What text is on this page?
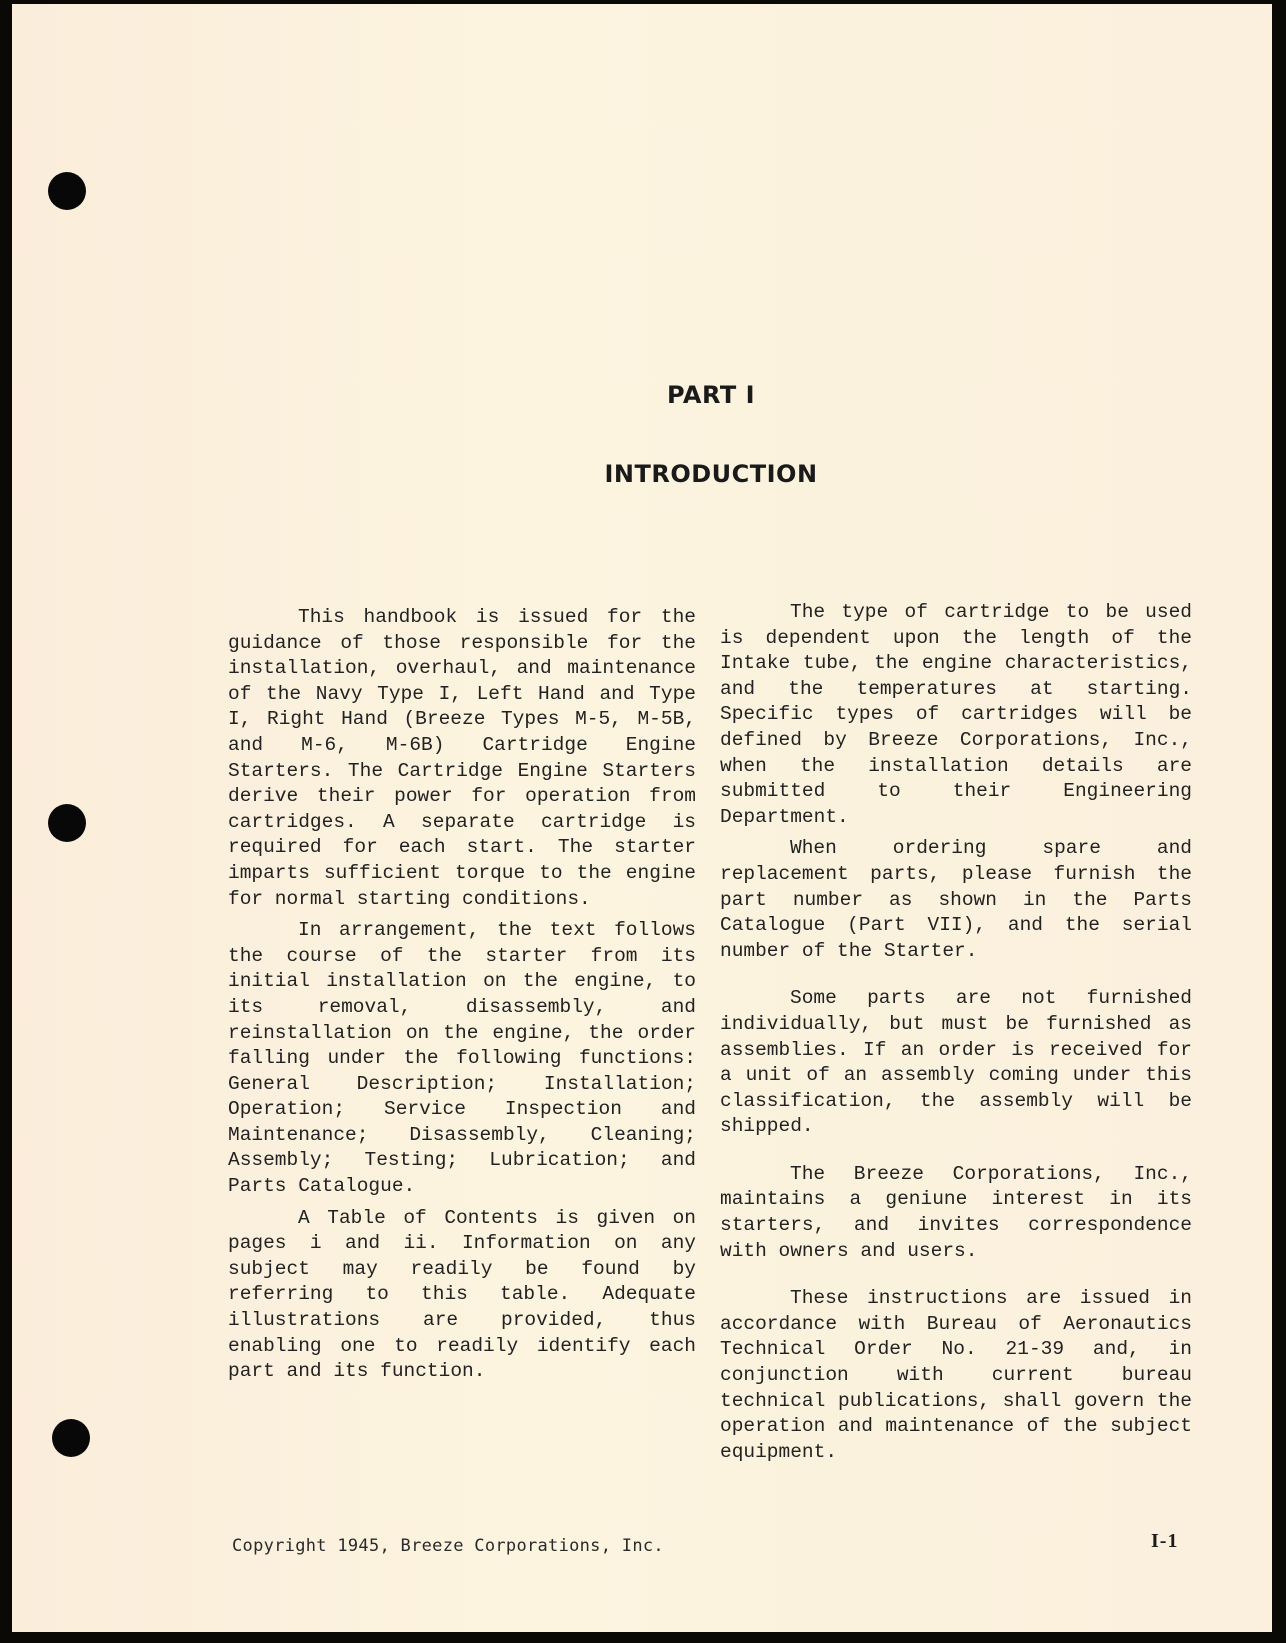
PART I
INTRODUCTION

This handbook is issued for the guidance of those responsible for the installation, overhaul, and maintenance of the Navy Type I, Left Hand and Type I, Right Hand (Breeze Types M-5, M-5B, and M-6, M-6B) Cartridge Engine Starters. The Cartridge Engine Starters derive their power for operation from cartridges. A separate cartridge is required for each start. The starter imparts sufficient torque to the engine for normal starting conditions.

In arrangement, the text follows the course of the starter from its initial installation on the engine, to its removal, disassembly, and reinstallation on the engine, the order falling under the following functions: General Description; Installation; Operation; Service Inspection and Maintenance; Disassembly, Cleaning; Assembly; Testing; Lubrication; and Parts Catalogue.

A Table of Contents is given on pages i and ii. Information on any subject may readily be found by referring to this table. Adequate illustrations are provided, thus enabling one to readily identify each part and its function.

The type of cartridge to be used is dependent upon the length of the Intake tube, the engine characteristics, and the temperatures at starting. Specific types of cartridges will be defined by Breeze Corporations, Inc., when the installation details are submitted to their Engineering Department.

When ordering spare and replacement parts, please furnish the part number as shown in the Parts Catalogue (Part VII), and the serial number of the Starter.

Some parts are not furnished individually, but must be furnished as assemblies. If an order is received for a unit of an assembly coming under this classification, the assembly will be shipped.

The Breeze Corporations, Inc., maintains a geniune interest in its starters, and invites correspondence with owners and users.

These instructions are issued in accordance with Bureau of Aeronautics Technical Order No. 21-39 and, in conjunction with current bureau technical publications, shall govern the operation and maintenance of the subject equipment.

Copyright 1945, Breeze Corporations, Inc.	I-1
